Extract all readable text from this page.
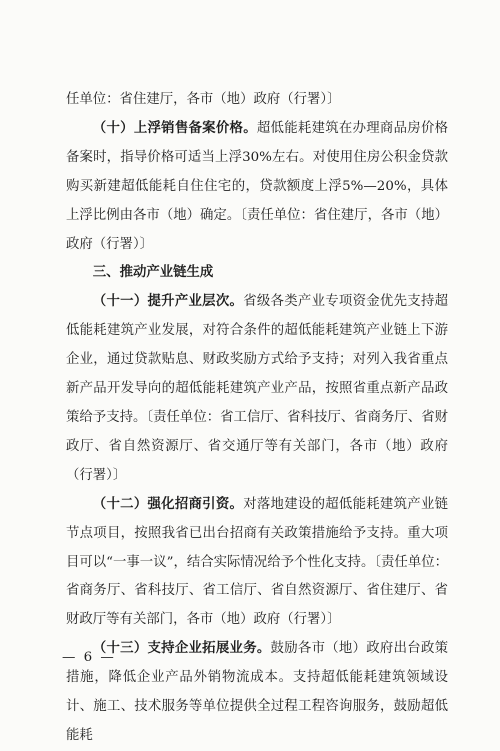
任单位：省住建厅，各市（地）政府（行署）〕

（十）上浮销售备案价格。超低能耗建筑在办理商品房价格备案时，指导价格可适当上浮30%左右。对使用住房公积金贷款购买新建超低能耗自住住宅的，贷款额度上浮5%—20%，具体上浮比例由各市（地）确定。〔责任单位：省住建厅，各市（地）政府（行署）〕

三、推动产业链生成

（十一）提升产业层次。省级各类产业专项资金优先支持超低能耗建筑产业发展，对符合条件的超低能耗建筑产业链上下游企业，通过贷款贴息、财政奖励方式给予支持；对列入我省重点新产品开发导向的超低能耗建筑产业产品，按照省重点新产品政策给予支持。〔责任单位：省工信厅、省科技厅、省商务厅、省财政厅、省自然资源厅、省交通厅等有关部门，各市（地）政府（行署）〕

（十二）强化招商引资。对落地建设的超低能耗建筑产业链节点项目，按照我省已出台招商有关政策措施给予支持。重大项目可以“一事一议”，结合实际情况给予个性化支持。〔责任单位：省商务厅、省科技厅、省工信厅、省自然资源厅、省住建厅、省财政厅等有关部门，各市（地）政府（行署）〕

（十三）支持企业拓展业务。鼓励各市（地）政府出台政策措施，降低企业产品外销物流成本。支持超低能耗建筑领域设计、施工、技术服务等单位提供全过程工程咨询服务，鼓励超低能耗

— 6 —
